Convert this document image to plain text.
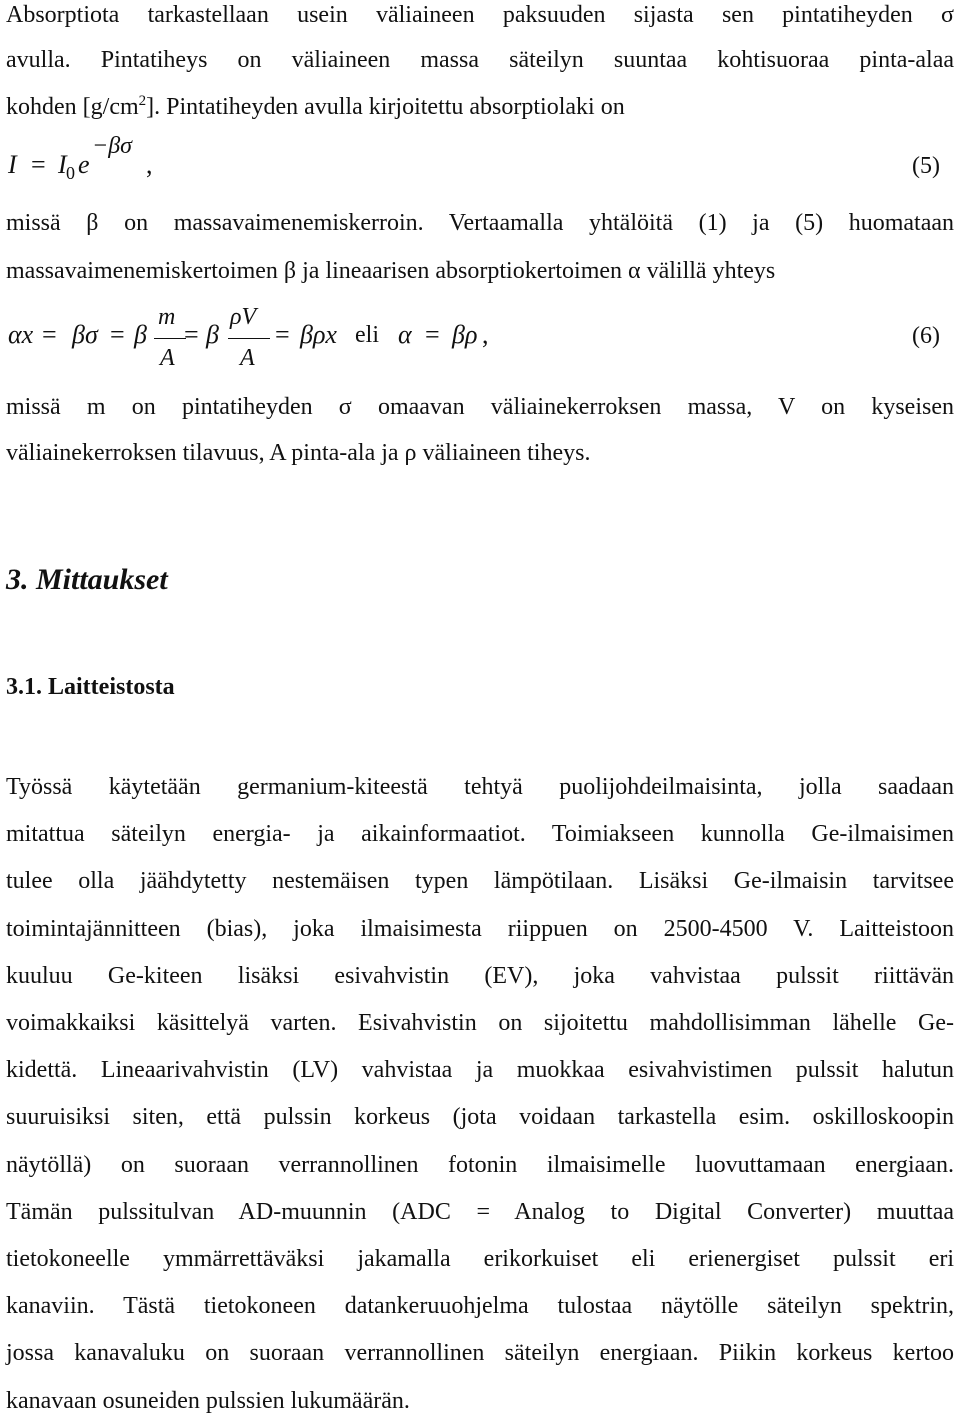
Absorptiota tarkastellaan usein väliaineen paksuuden sijasta sen pintatiheyden σ
avulla. Pintatiheys on väliaineen massa säteilyn suuntaa kohtisuoraa pinta-alaa
kohden $[g/cm^2]$. Pintatiheyden avulla kirjoitettu absorptiolaki on
I = I 0 e
−βσ
,	(5)
missä β on massavaimenemiskerroin. Vertaamalla yhtälöitä (1) ja (5) huomataan
massavaimenemiskertoimen β ja lineaarisen absorptiokertoimen α välillä yhteys
αx = βσ = β
m
A
= β
ρV
A
= βρx eli α = βρ ,	(6)
missä m on pintatiheyden σ omaavan väliainekerroksen massa, V on kyseisen
väliainekerroksen tilavuus, A pinta-ala ja ρ väliaineen tiheys.
3. Mittaukset
3.1. Laitteistosta
Työssä käytetään germanium-kiteestä tehtyä puolijohdeilmaisinta, jolla saadaan
mitattua säteilyn energia- ja aikainformaatiot. Toimiakseen kunnolla Ge-ilmaisimen
tulee olla jäähdytetty nestemäisen typen lämpötilaan. Lisäksi Ge-ilmaisin tarvitsee
toimintajännitteen (bias), joka ilmaisimesta riippuen on 2500-4500 V. Laitteistoon
kuuluu Ge-kiteen lisäksi esivahvistin (EV), joka vahvistaa pulssit riittävän
voimakkaiksi käsittelyä varten. Esivahvistin on sijoitettu mahdollisimman lähelle Ge-
kidettä. Lineaarivahvistin (LV) vahvistaa ja muokkaa esivahvistimen pulssit halutun
suuruisiksi siten, että pulssin korkeus (jota voidaan tarkastella esim. oskilloskoopin
näytöllä) on suoraan verrannollinen fotonin ilmaisimelle luovuttamaan energiaan.
Tämän pulssitulvan AD-muunnin (ADC = Analog to Digital Converter) muuttaa
tietokoneelle ymmärrettäväksi jakamalla erikorkuiset eli erienergiset pulssit eri
kanaviin. Tästä tietokoneen datankeruuohjelma tulostaa näytölle säteilyn spektrin,
jossa kanavaluku on suoraan verrannollinen säteilyn energiaan. Piikin korkeus kertoo
kanavaan osuneiden pulssien lukumäärän.
